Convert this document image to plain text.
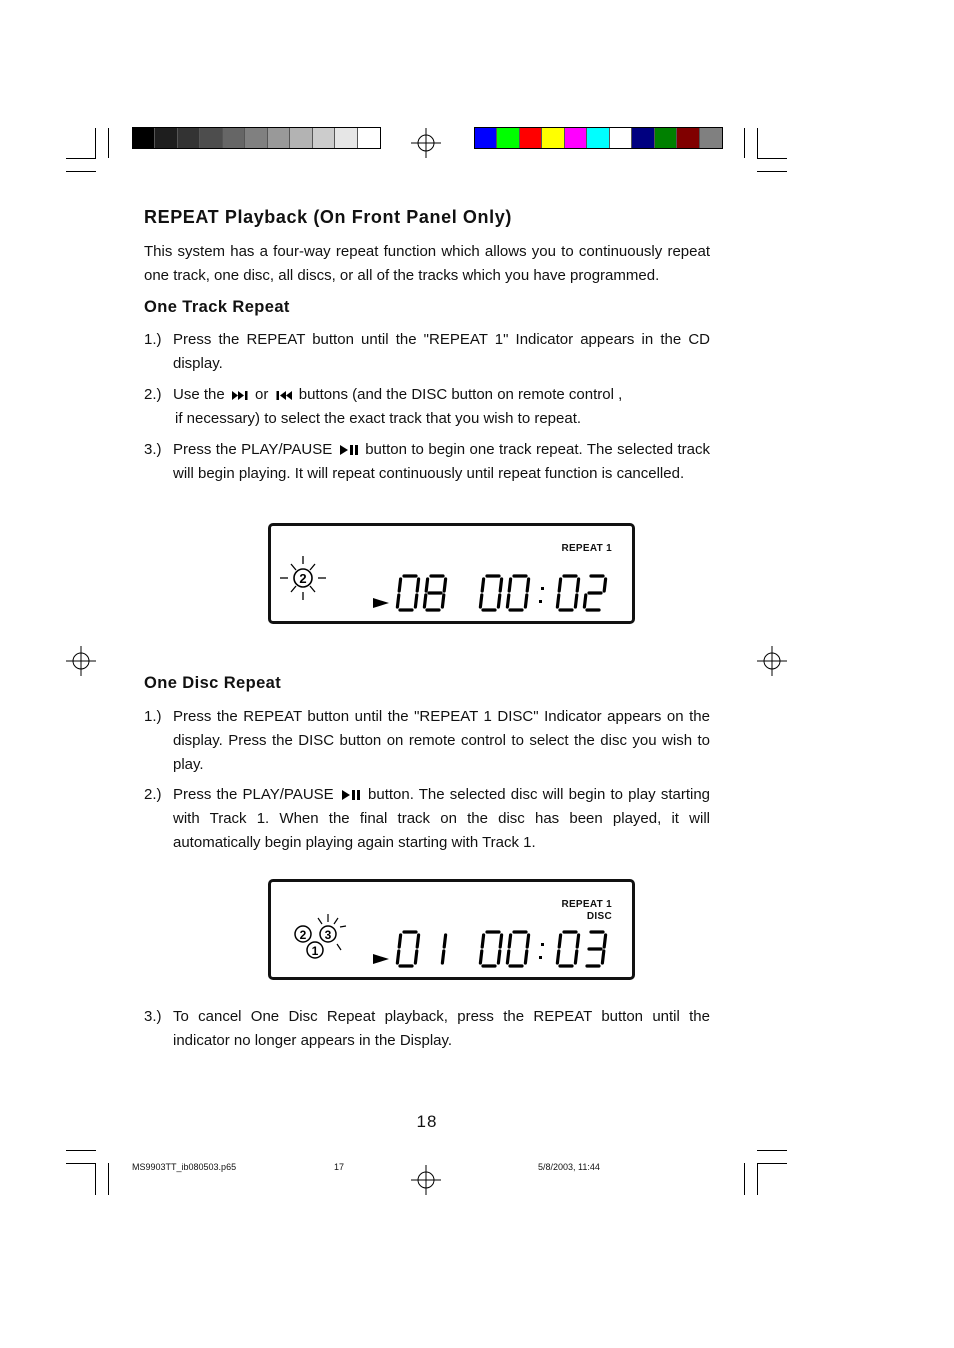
REPEAT Playback (On Front Panel Only)
This system has a four-way repeat function which allows you to continuously repeat one track, one disc, all discs, or all of the tracks which you have programmed.
One Track Repeat
1.) Press the REPEAT button until the "REPEAT 1" Indicator appears in the CD display.
2.) Use the or buttons (and the DISC button on remote control ,
if necessary) to select the exact track that you wish to repeat.
3.) Press the PLAY/PAUSE button to begin one track repeat. The selected track will begin playing. It will repeat continuously until repeat function is cancelled.
REPEAT 1
2
One Disc Repeat
1.) Press the REPEAT button until the "REPEAT 1 DISC" Indicator appears on the display. Press the DISC button on remote control to select the disc you wish to play.
2.) Press the PLAY/PAUSE button. The selected disc will begin to play starting with Track 1. When the final track on the disc has been played, it will automatically begin playing again starting with Track 1.
REPEAT 1
DISC
2 3
1
3.) To cancel One Disc Repeat playback, press the REPEAT button until the indicator no longer appears in the Display.
18
MS9903TT_ib080503.p65	17	5/8/2003, 11:44
